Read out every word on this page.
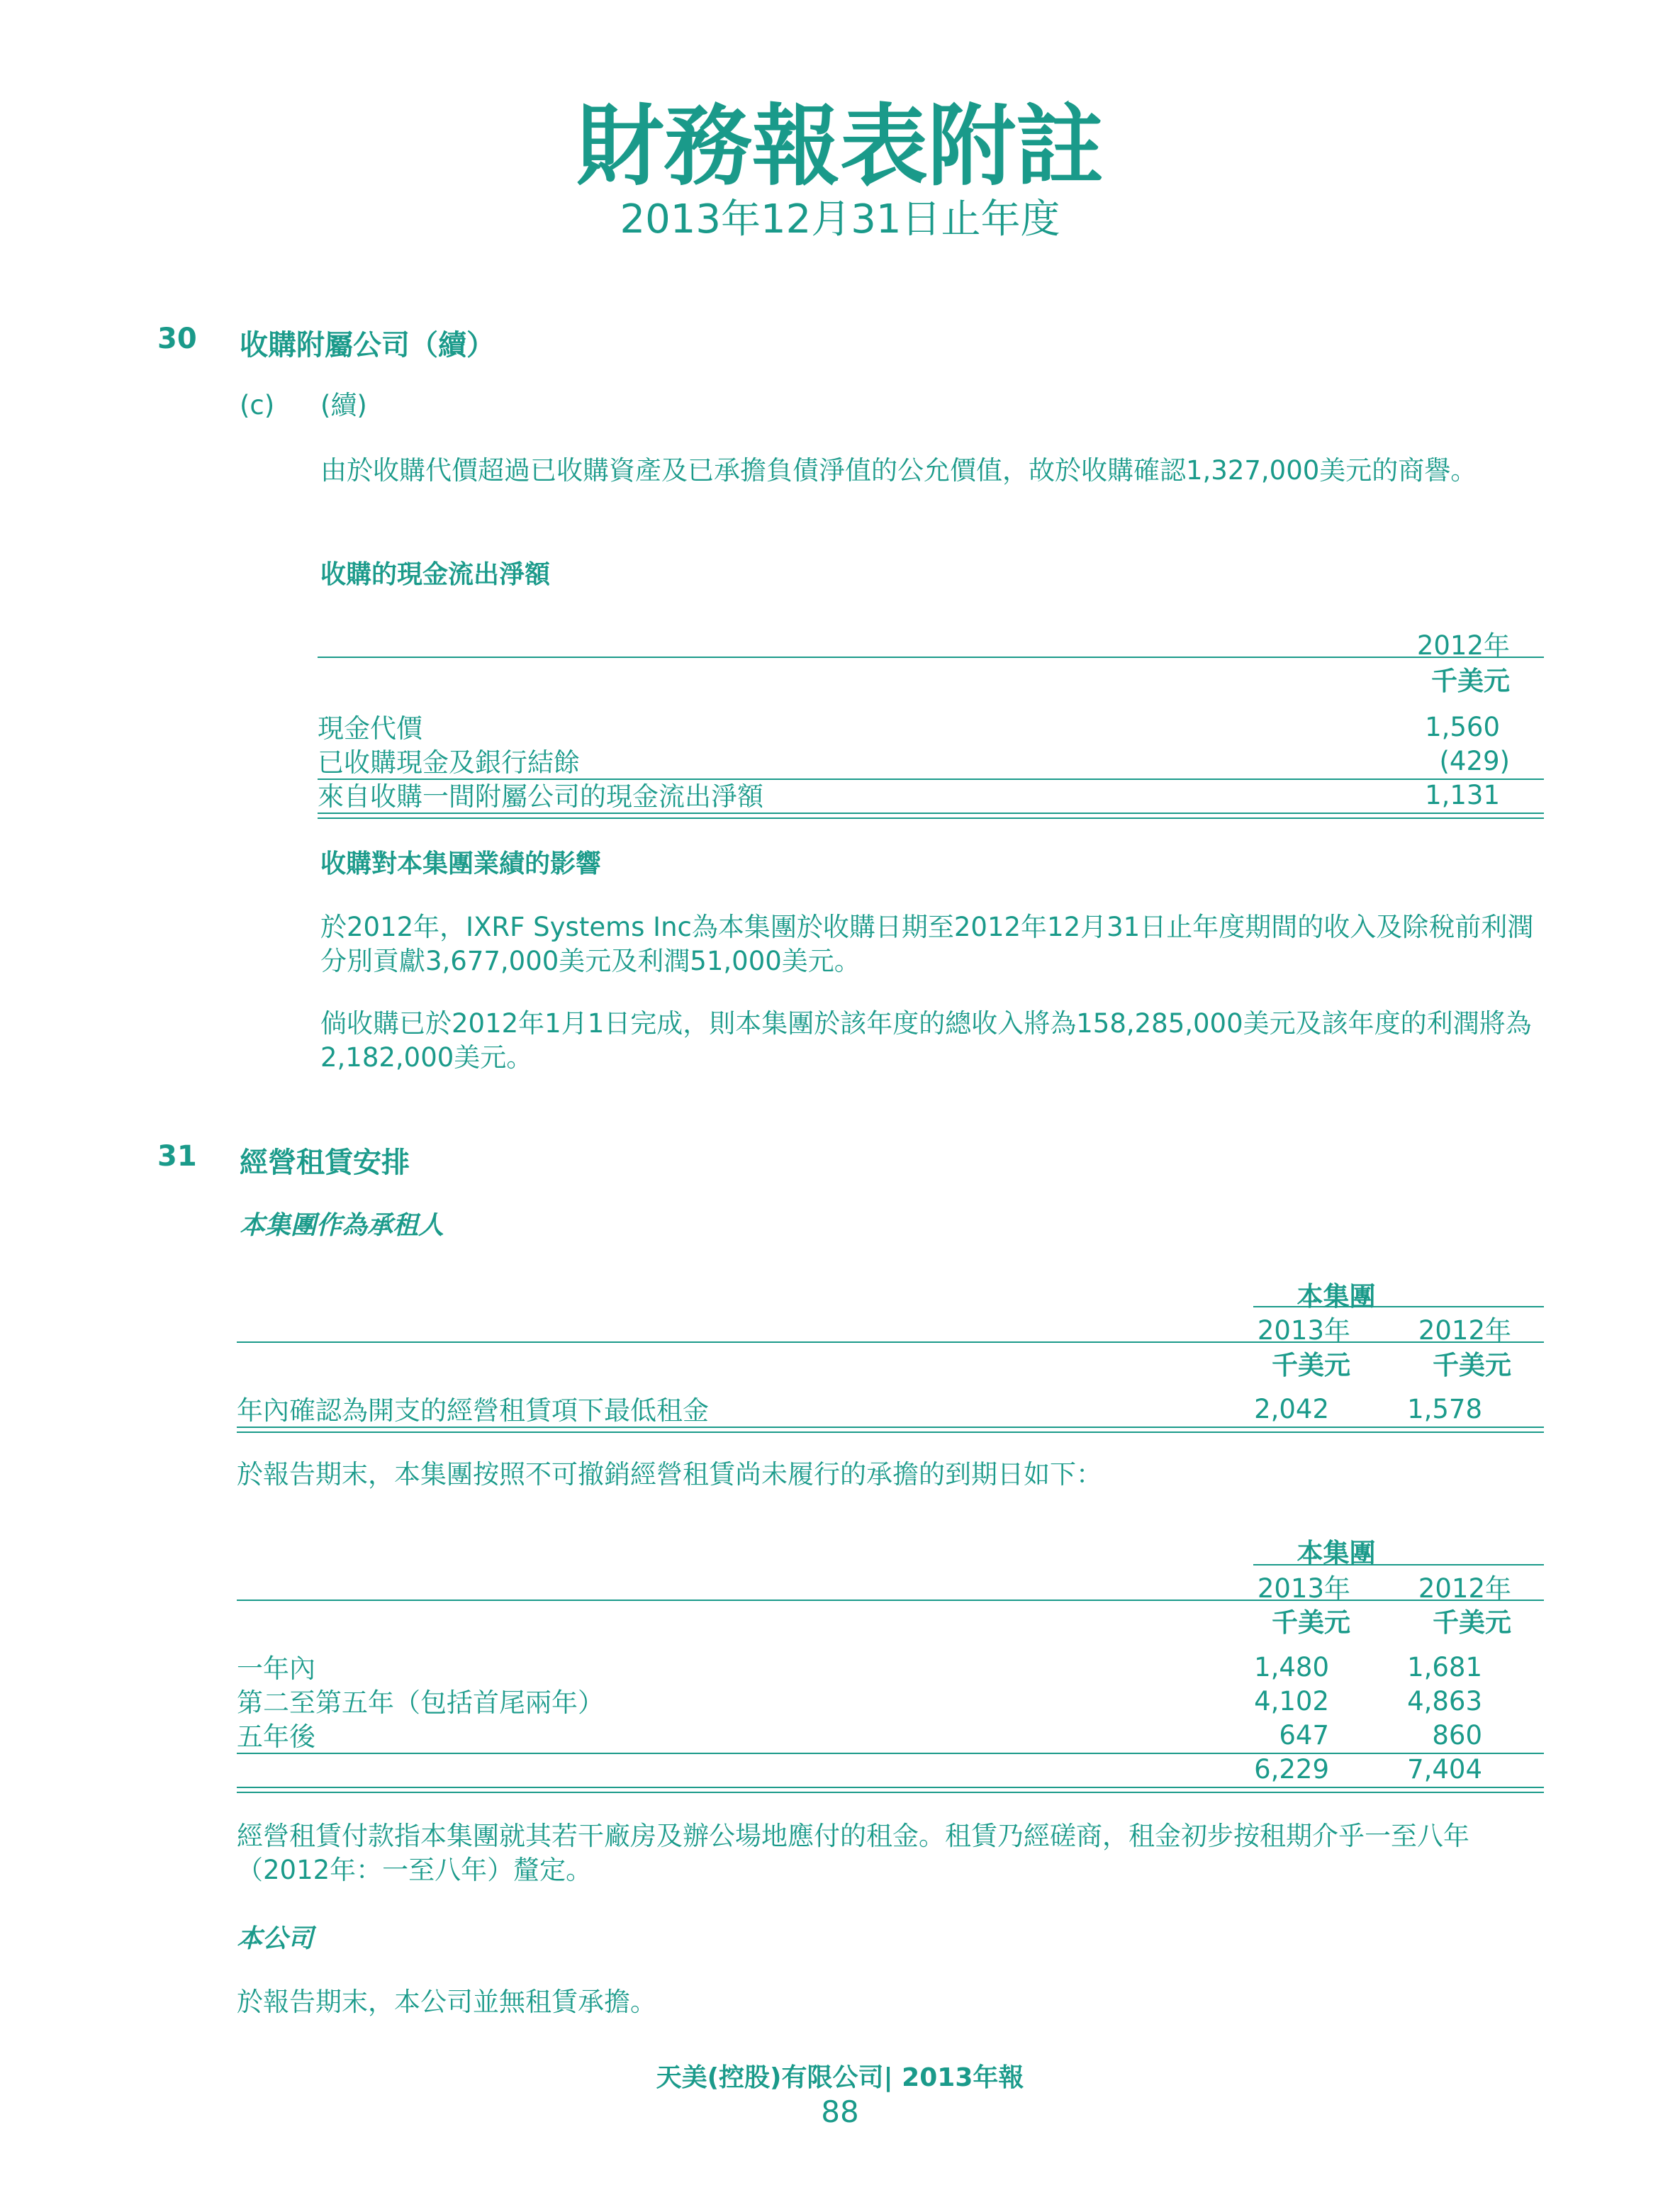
財務報表附註
2013年12月31日止年度
30 收購附屬公司（續）
(c) (續)
由於收購代價超過已收購資產及已承擔負債淨值的公允價值，故於收購確認1,327,000美元的商譽。
收購的現金流出淨額
2012年
千美元
現金代價	1,560
已收購現金及銀行結餘	(429)
來自收購一間附屬公司的現金流出淨額	1,131
收購對本集團業績的影響
於2012年，IXRF Systems Inc為本集團於收購日期至2012年12月31日止年度期間的收入及除稅前利潤分別貢獻3,677,000美元及利潤51,000美元。
倘收購已於2012年1月1日完成，則本集團於該年度的總收入將為158,285,000美元及該年度的利潤將為2,182,000美元。
31 經營租賃安排
本集團作為承租人
本集團
2013年	2012年
千美元	千美元
年內確認為開支的經營租賃項下最低租金	2,042	1,578
於報告期末，本集團按照不可撤銷經營租賃尚未履行的承擔的到期日如下：
本集團
2013年	2012年
千美元	千美元
一年內	1,480	1,681
第二至第五年（包括首尾兩年）	4,102	4,863
五年後	647	860
6,229	7,404
經營租賃付款指本集團就其若干廠房及辦公場地應付的租金。租賃乃經磋商，租金初步按租期介乎一至八年（2012年：一至八年）釐定。
本公司
於報告期末，本公司並無租賃承擔。
天美(控股)有限公司| 2013年報
88
